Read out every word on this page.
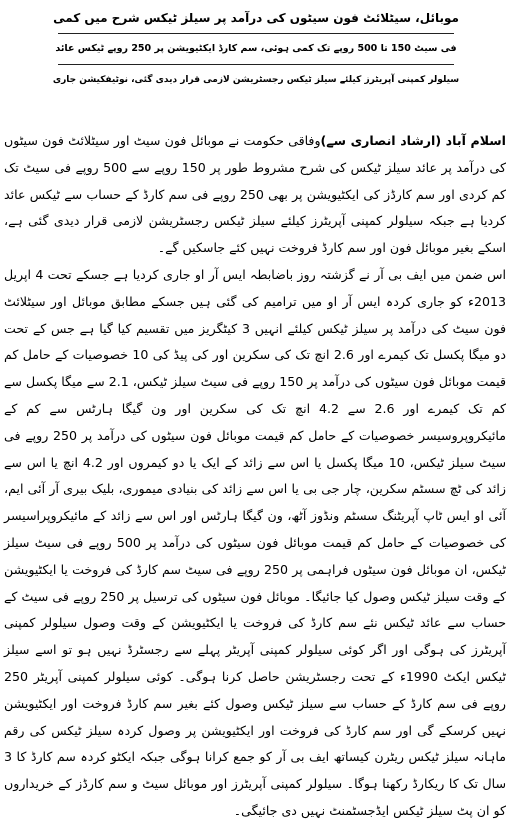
موبائل، سیٹلائٹ فون سیٹوں کی درآمد پر سیلز ٹیکس شرح میں کمی
فی سیٹ 150 تا 500 روپے تک کمی ہوئی، سم کارڈ ایکٹیویشن پر 250 روپے ٹیکس عائد
سیلولر کمپنی آپریٹرز کیلئے سیلز ٹیکس رجسٹریشن لازمی قرار دیدی گئی، نوٹیفکیشن جاری

اسلام آباد (ارشاد انصاری سے)وفاقی حکومت نے موبائل فون سیٹ اور سیٹلائٹ فون سیٹوں کی درآمد پر عائد سیلز ٹیکس کی شرح مشروط طور پر 150 روپے سے 500 روپے فی سیٹ تک کم کردی اور سم کارڈز کی ایکٹیویشن پر بھی 250 روپے فی سم کارڈ کے حساب سے ٹیکس عائد کردیا ہے جبکہ سیلولر کمپنی آپریٹرز کیلئے سیلز ٹیکس رجسٹریشن لازمی قرار دیدی گئی ہے، اسکے بغیر موبائل فون اور سم کارڈ فروخت نہیں کئے جاسکیں گے۔

اس ضمن میں ایف بی آر نے گزشتہ روز باضابطہ ایس آر او جاری کردیا ہے جسکے تحت 4 اپریل 2013ء کو جاری کردہ ایس آر او میں ترامیم کی گئی ہیں جسکے مطابق موبائل اور سیٹلائٹ فون سیٹ کی درآمد پر سیلز ٹیکس کیلئے انہیں 3 کیٹگریز میں تقسیم کیا گیا ہے جس کے تحت دو میگا پکسل تک کیمرے اور 2.6 انچ تک کی سکرین اور کی پیڈ کی 10 خصوصیات کے حامل کم قیمت موبائل فون سیٹوں کی درآمد پر 150 روپے فی سیٹ سیلز ٹیکس، 2.1 سے میگا پکسل سے کم تک کیمرے اور 2.6 سے 4.2 انچ تک کی سکرین اور ون گیگا ہارٹس سے کم کے مائیکروپروسیسر خصوصیات کے حامل کم قیمت موبائل فون سیٹوں کی درآمد پر 250 روپے فی سیٹ سیلز ٹیکس، 10 میگا پکسل یا اس سے زائد کے ایک یا دو کیمروں اور 4.2 انچ یا اس سے زائد کی ٹچ سسٹم سکرین، چار جی بی یا اس سے زائد کی بنیادی میموری، بلیک بیری آر آئی ایم، آئی او ایس ٹاپ آپریٹنگ سسٹم ونڈوز آٹھ، ون گیگا ہارٹس اور اس سے زائد کے مائیکروپراسیسر کی خصوصیات کے حامل کم قیمت موبائل فون سیٹوں کی درآمد پر 500 روپے فی سیٹ سیلز ٹیکس، ان موبائل فون سیٹوں فراہمی پر 250 روپے فی سیٹ سم کارڈ کی فروخت یا ایکٹیویشن کے وقت سیلز ٹیکس وصول کیا جائیگا۔ موبائل فون سیٹوں کی ترسیل پر 250 روپے فی سیٹ کے حساب سے عائد ٹیکس نئے سم کارڈ کی فروخت یا ایکٹیویشن کے وقت وصول سیلولر کمپنی آپریٹرز کی ہوگی اور اگر کوئی سیلولر کمپنی آپریٹر پہلے سے رجسٹرڈ نہیں ہو تو اسے سیلز ٹیکس ایکٹ 1990ء کے تحت رجسٹریشن حاصل کرنا ہوگی۔ کوئی سیلولر کمپنی آپریٹر 250 روپے فی سم کارڈ کے حساب سے سیلز ٹیکس وصول کئے بغیر سم کارڈ فروخت اور ایکٹیویشن نہیں کرسکے گی اور سم کارڈ کی فروخت اور ایکٹیویشن پر وصول کردہ سیلز ٹیکس کی رقم ماہانہ سیلز ٹیکس ریٹرن کیساتھ ایف بی آر کو جمع کرانا ہوگی جبکہ ایکٹو کردہ سم کارڈ کا 3 سال تک کا ریکارڈ رکھنا ہوگا۔ سیلولر کمپنی آپریٹرز اور موبائل سیٹ و سم کارڈز کے خریداروں کو ان پٹ سیلز ٹیکس ایڈجسٹمنٹ نہیں دی جائیگی۔
